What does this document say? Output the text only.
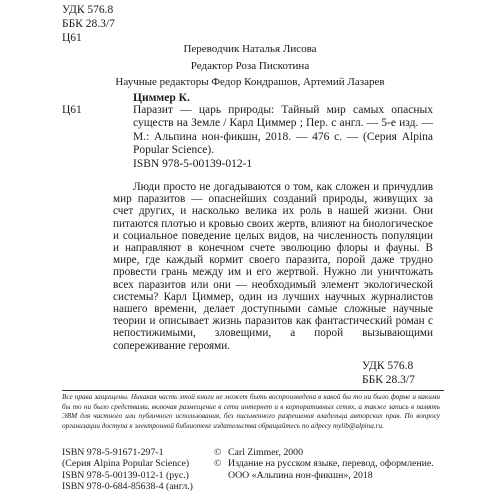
УДК 576.8
ББК 28.3/7
Ц61
Переводчик Наталья Лисова
Редактор Роза Пискотина
Научные редакторы Федор Кондрашов, Артемий Лазарев
Циммер К.
Ц61	Паразит — царь природы: Тайный мир самых опасных существ на Земле / Карл Циммер ; Пер. с англ. — 5-е изд. — М.: Альпина нон-фикшн, 2018. — 476 с. — (Серия Alpina Popular Science).
ISBN 978-5-00139-012-1
Люди просто не догадываются о том, как сложен и причудлив мир паразитов — опаснейших созданий природы, живущих за счет других, и насколько велика их роль в нашей жизни. Они питаются плотью и кровью своих жертв, влияют на биологическое и социальное поведение целых видов, на численность популяции и направляют в конечном счете эволюцию флоры и фауны. В мире, где каждый кормит своего паразита, порой даже трудно провести грань между им и его жертвой. Нужно ли уничтожать всех паразитов или они — необходимый элемент экологической системы? Карл Циммер, один из лучших научных журналистов нашего времени, делает доступными самые сложные научные теории и описывает жизнь паразитов как фантастический роман с непостижимыми, зловещими, а порой вызывающими сопереживание героями.
УДК 576.8
ББК 28.3/7
Все права защищены. Никакая часть этой книги не может быть воспроизведена в какой бы то ни было форме и какими бы то ни было средствами, включая размещение в сети интернет и в корпоративных сетях, а также запись в память ЭВМ для частного или публичного использования, без письменного разрешения владельца авторских прав. По вопросу организации доступа к электронной библиотеке издательства обращайтесь по адресу mylib@alpina.ru.
ISBN 978-5-91671-297-1
(Серия Alpina Popular Science)
ISBN 978-5-00139-012-1 (рус.)
ISBN 978-0-684-85638-4 (англ.)
© Carl Zimmer, 2000
© Издание на русском языке, перевод, оформление. ООО «Альпина нон-фикшн», 2018
